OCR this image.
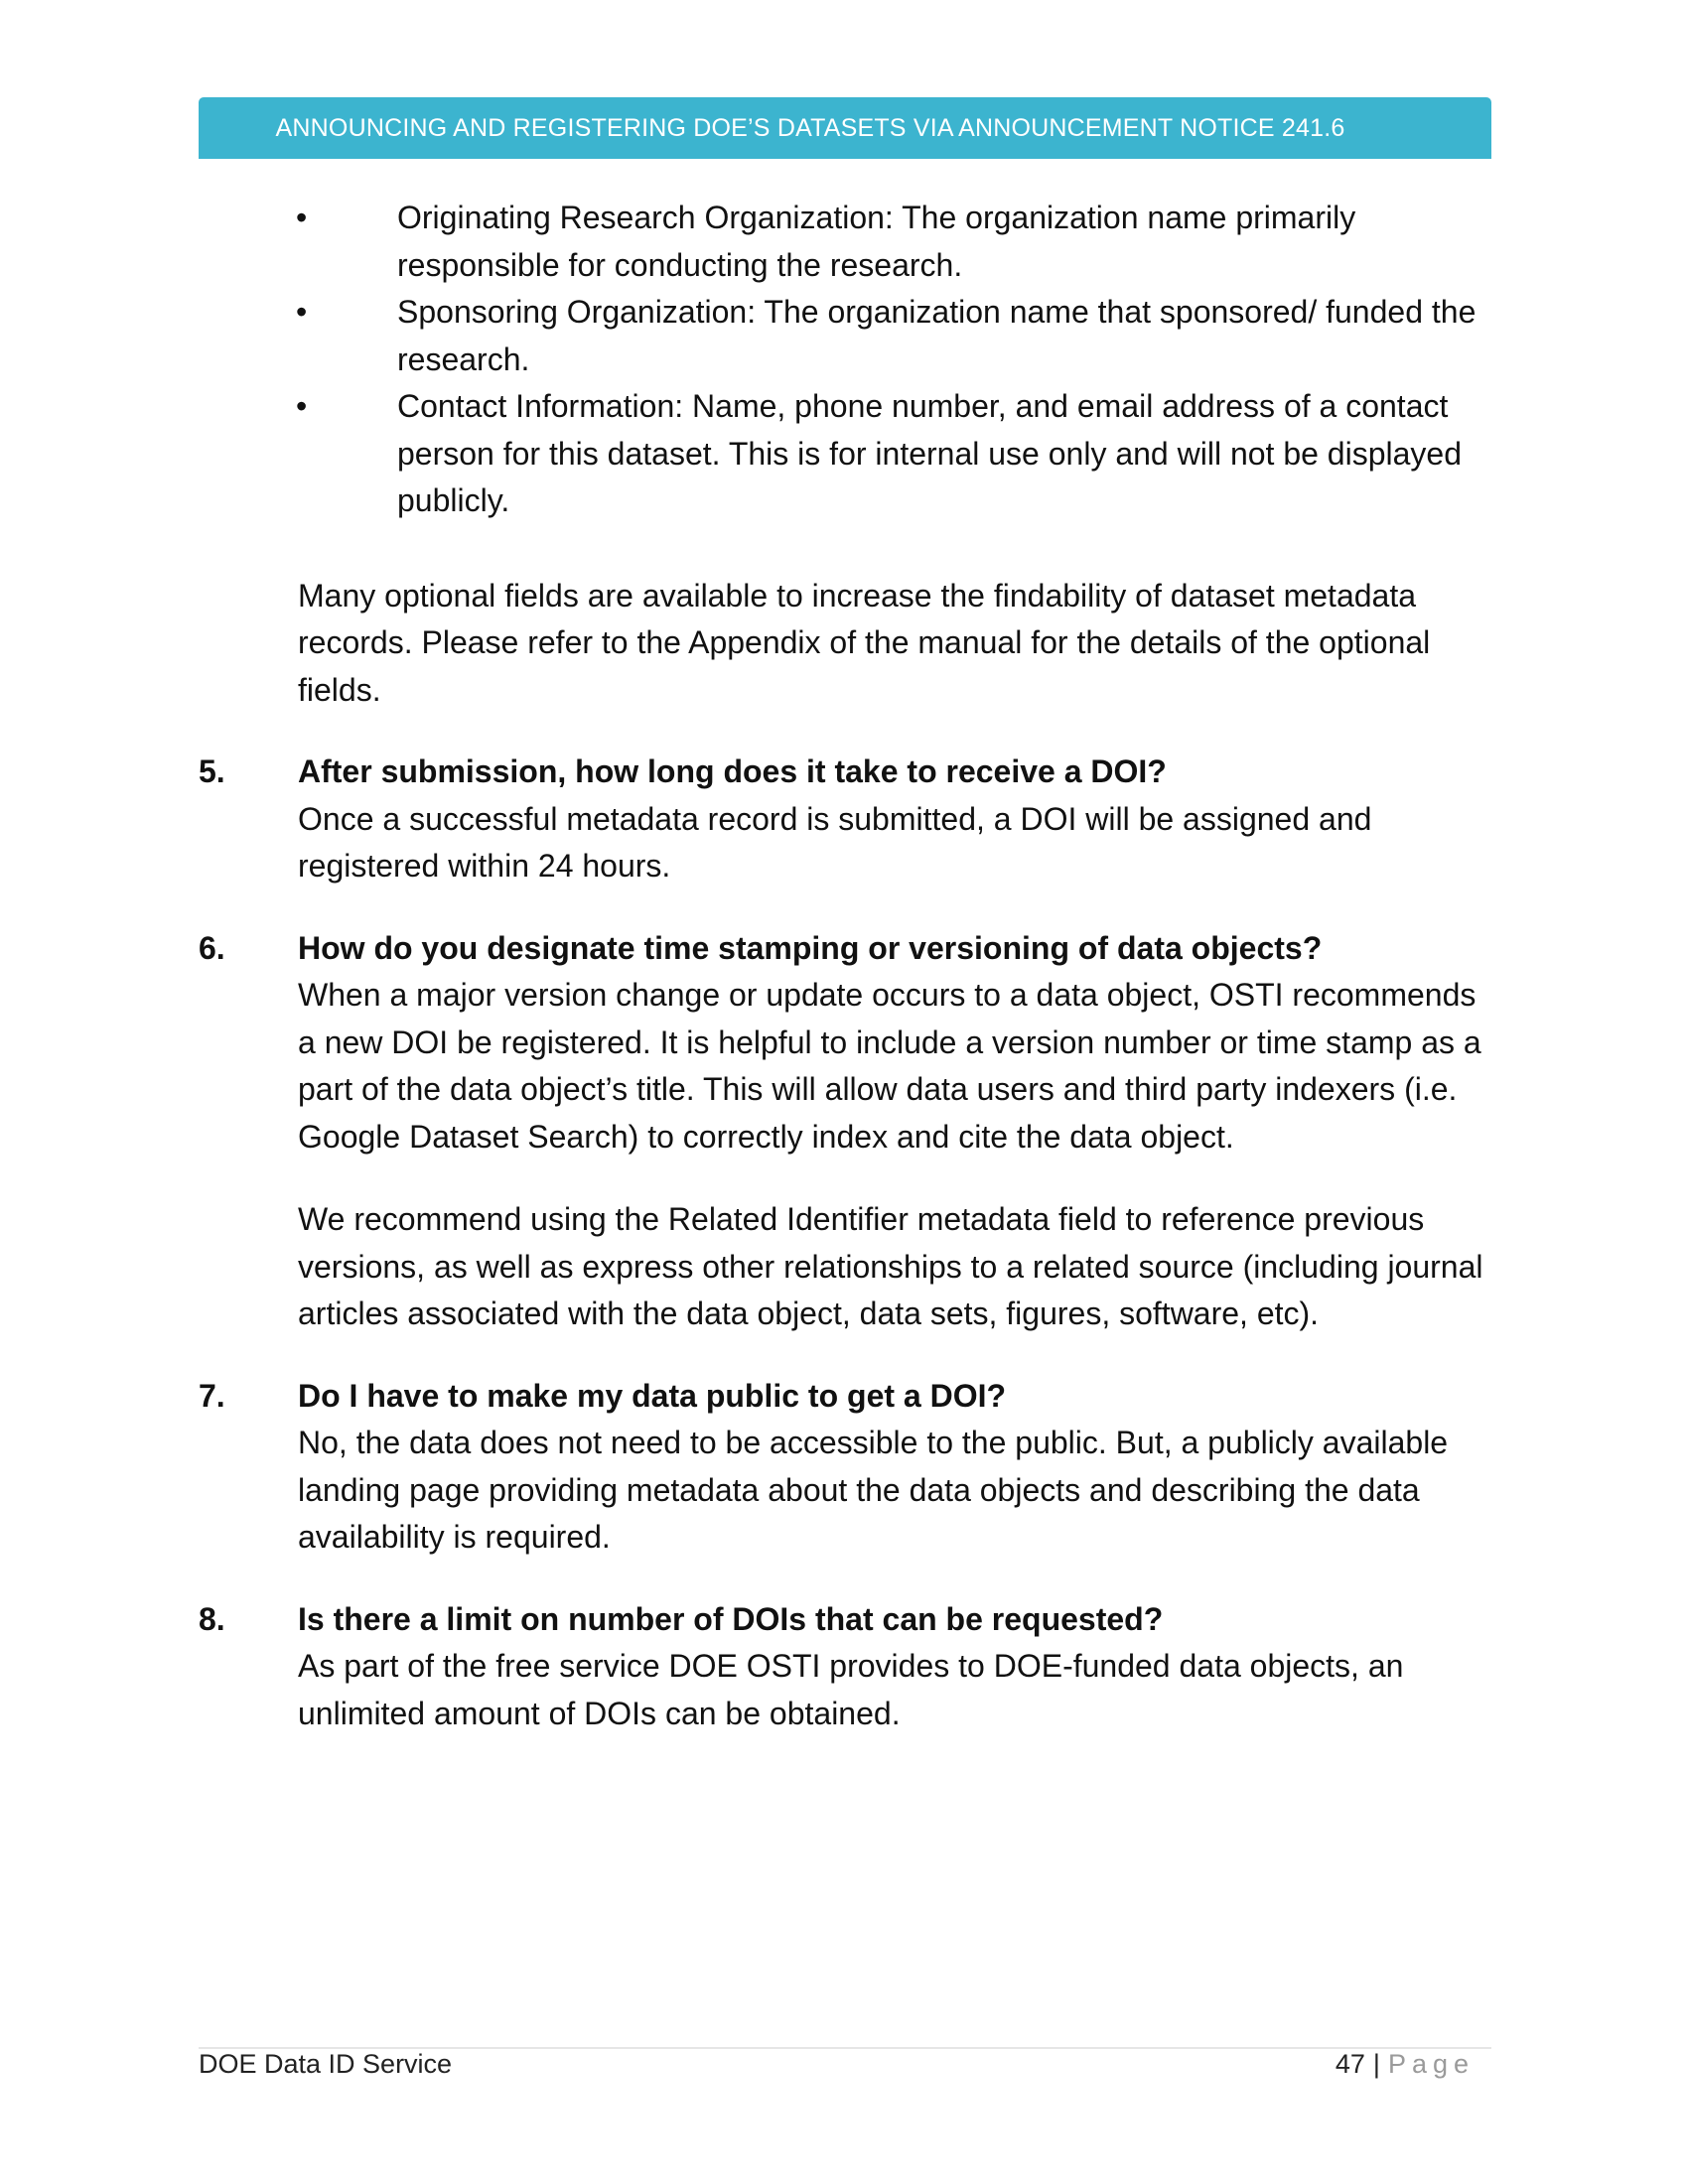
ANNOUNCING AND REGISTERING DOE’S DATASETS VIA ANNOUNCEMENT NOTICE 241.6
•	Originating Research Organization: The organization name primarily responsible for conducting the research.
•	Sponsoring Organization: The organization name that sponsored/ funded the research.
•	Contact Information: Name, phone number, and email address of a contact person for this dataset. This is for internal use only and will not be displayed publicly.

Many optional fields are available to increase the findability of dataset metadata records. Please refer to the Appendix of the manual for the details of the optional fields.

5. After submission, how long does it take to receive a DOI?
Once a successful metadata record is submitted, a DOI will be assigned and registered within 24 hours.
6. How do you designate time stamping or versioning of data objects?
When a major version change or update occurs to a data object, OSTI recommends a new DOI be registered. It is helpful to include a version number or time stamp as a part of the data object’s title. This will allow data users and third party indexers (i.e. Google Dataset Search) to correctly index and cite the data object.
We recommend using the Related Identifier metadata field to reference previous versions, as well as express other relationships to a related source (including journal articles associated with the data object, data sets, figures, software, etc).
7. Do I have to make my data public to get a DOI?
No, the data does not need to be accessible to the public. But, a publicly available landing page providing metadata about the data objects and describing the data availability is required.
8. Is there a limit on number of DOIs that can be requested?
As part of the free service DOE OSTI provides to DOE-funded data objects, an unlimited amount of DOIs can be obtained.
DOE Data ID Service	47 | Page
